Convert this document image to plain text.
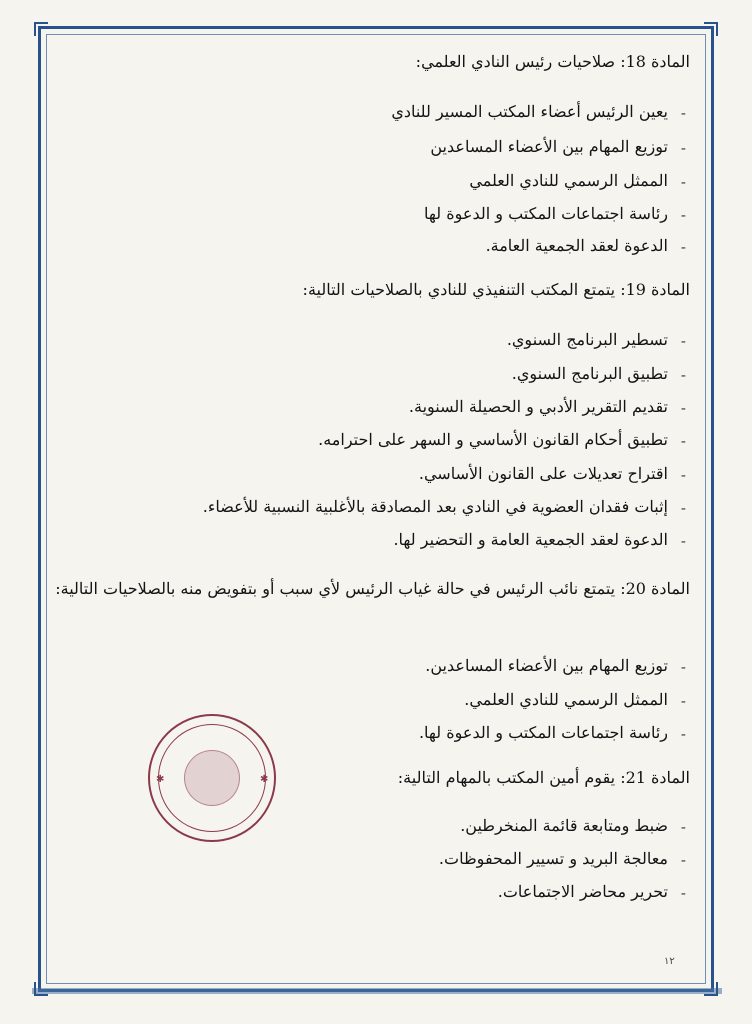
المادة 18: صلاحيات رئيس النادي العلمي:
يعين الرئيس أعضاء المكتب المسير للنادي -
توزيع المهام بين الأعضاء المساعدين -
الممثل الرسمي للنادي العلمي -
رئاسة اجتماعات المكتب و الدعوة لها -
الدعوة لعقد الجمعية العامة. -
المادة 19: يتمتع المكتب التنفيذي للنادي بالصلاحيات التالية:
تسطير البرنامج السنوي. -
تطبيق البرنامج السنوي. -
تقديم التقرير الأدبي و الحصيلة السنوية. -
تطبيق أحكام القانون الأساسي و السهر على احترامه. -
اقتراح تعديلات على القانون الأساسي. -
إثبات فقدان العضوية في النادي بعد المصادقة بالأغلبية النسبية للأعضاء. -
الدعوة لعقد الجمعية العامة و التحضير لها. -
المادة 20: يتمتع نائب الرئيس في حالة غياب الرئيس لأي سبب أو بتفويض منه بالصلاحيات التالية:
توزيع المهام بين الأعضاء المساعدين. -
الممثل الرسمي للنادي العلمي. -
رئاسة اجتماعات المكتب و الدعوة لها. -
المادة 21: يقوم أمين المكتب بالمهام التالية:
ضبط ومتابعة قائمة المنخرطين. -
معالجة البريد و تسيير المحفوظات. -
تحرير محاضر الاجتماعات. -
✱	✱
١٢
